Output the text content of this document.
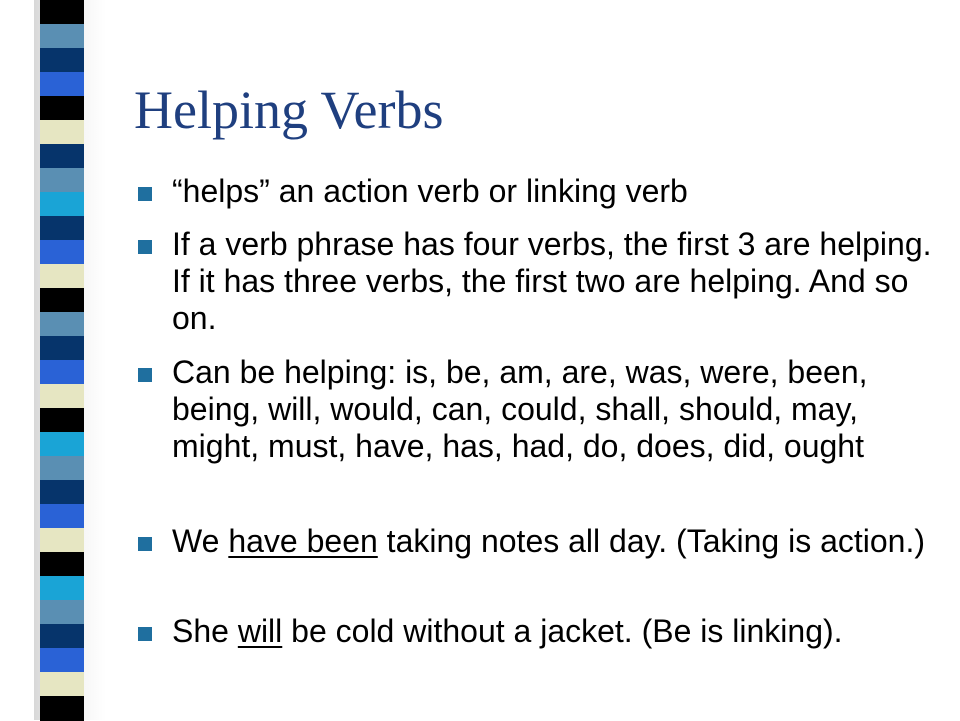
Helping Verbs
“helps” an action verb or linking verb
If a verb phrase has four verbs, the first 3 are helping. If it has three verbs, the first two are helping. And so on.
Can be helping: is, be, am, are, was, were, been, being, will, would, can, could, shall, should, may, might, must, have, has, had, do, does, did, ought
We have been taking notes all day. (Taking is action.)
She will be cold without a jacket. (Be is linking).
